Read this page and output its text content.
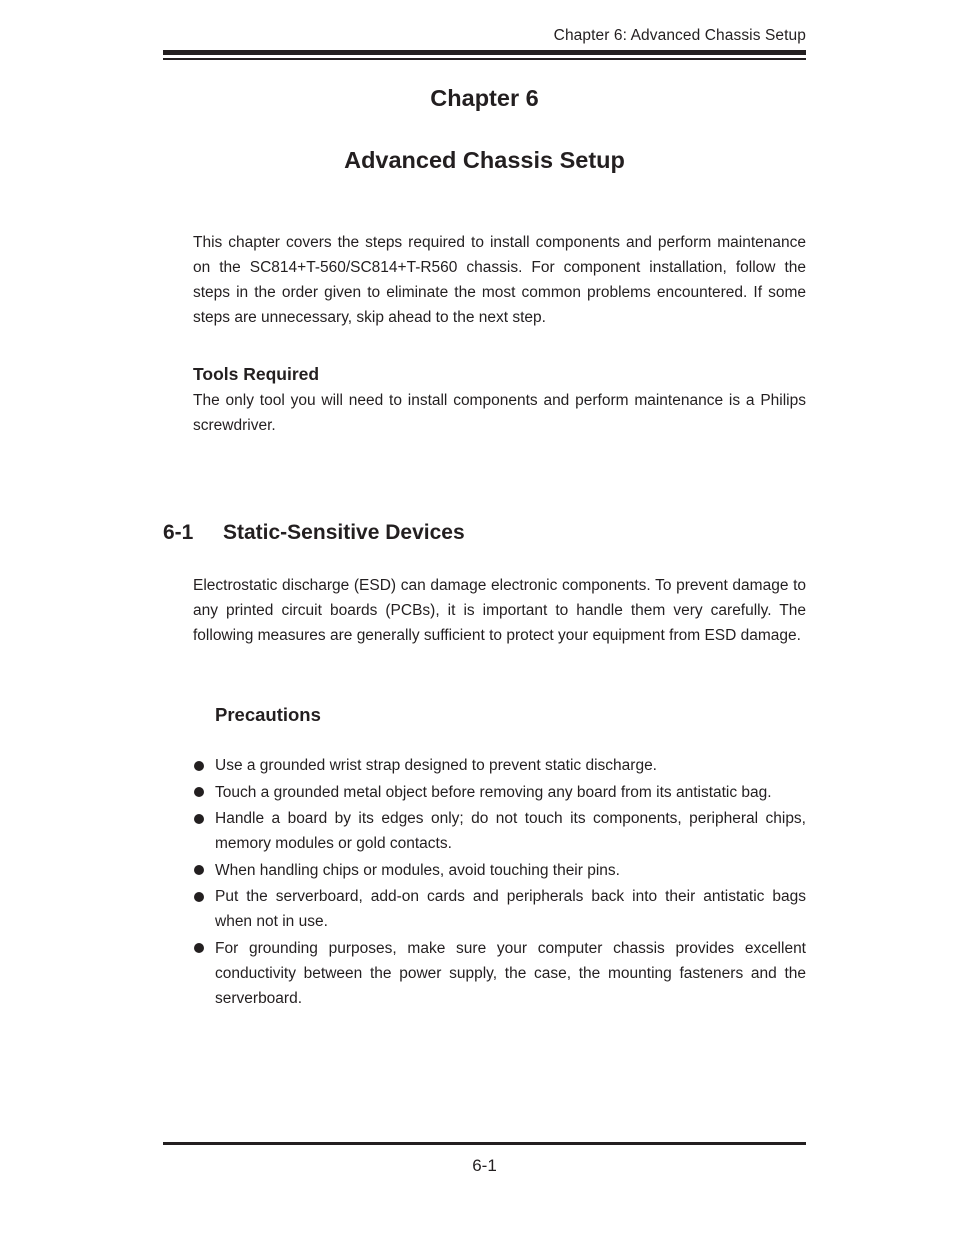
Chapter 6: Advanced Chassis Setup
Chapter 6
Advanced Chassis Setup

This chapter covers the steps required to install components and perform maintenance on the SC814+T-560/SC814+T-R560 chassis. For component installation, follow the steps in the order given to eliminate the most common problems encountered. If some steps are unnecessary, skip ahead to the next step.

Tools Required

The only tool you will need to install components and perform maintenance is a Philips screwdriver.

6-1 Static-Sensitive Devices

Electrostatic discharge (ESD) can damage electronic components. To prevent damage to any printed circuit boards (PCBs), it is important to handle them very carefully. The following measures are generally sufficient to protect your equipment from ESD damage.

Precautions
Use a grounded wrist strap designed to prevent static discharge.
Touch a grounded metal object before removing any board from its antistatic bag.
Handle a board by its edges only; do not touch its components, peripheral chips, memory modules or gold contacts.
When handling chips or modules, avoid touching their pins.
Put the serverboard, add-on cards and peripherals back into their antistatic bags when not in use.
For grounding purposes, make sure your computer chassis provides excellent conductivity between the power supply, the case, the mounting fasteners and the serverboard.
6-1
